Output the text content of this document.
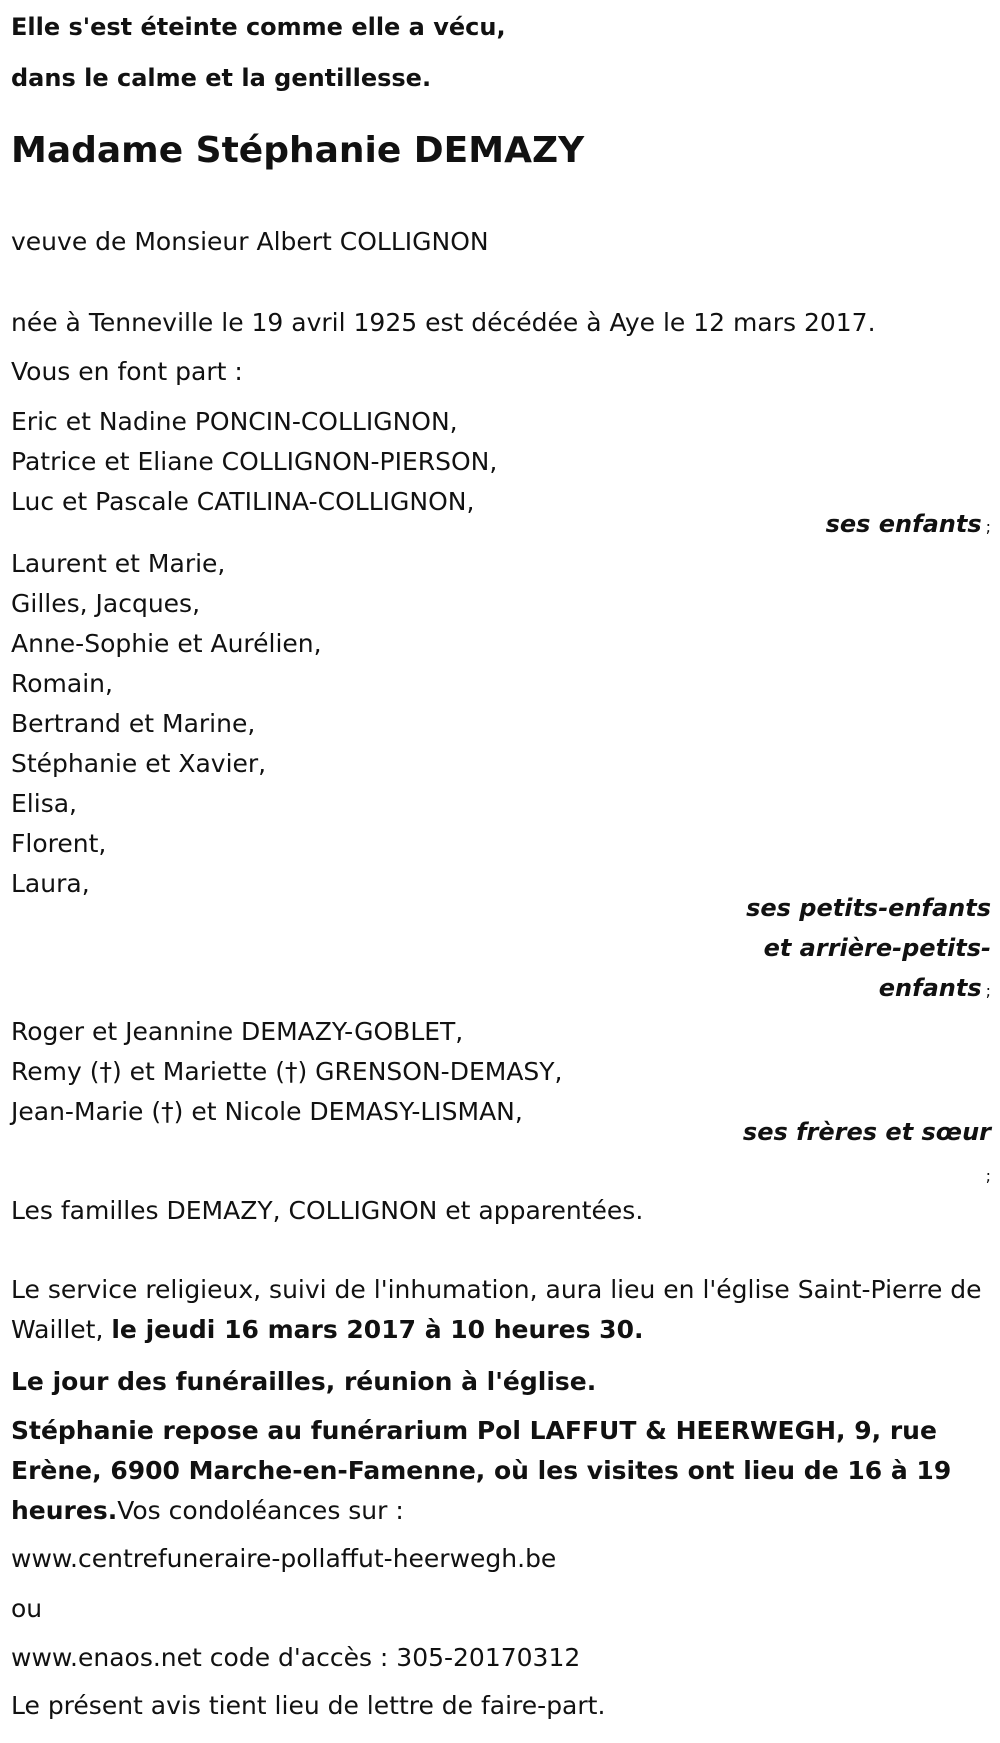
Elle s'est éteinte comme elle a vécu,
dans le calme et la gentillesse.
Madame Stéphanie DEMAZY
veuve de Monsieur Albert COLLIGNON
née à Tenneville le 19 avril 1925 est décédée à Aye le 12 mars 2017.
Vous en font part :
Eric et Nadine PONCIN-COLLIGNON,
Patrice et Eliane COLLIGNON-PIERSON,
Luc et Pascale CATILINA-COLLIGNON,
ses enfants ;
Laurent et Marie,
Gilles, Jacques,
Anne-Sophie et Aurélien,
Romain,
Bertrand et Marine,
Stéphanie et Xavier,
Elisa,
Florent,
Laura,
ses petits-enfants
et arrière-petits-
enfants ;
Roger et Jeannine DEMAZY-GOBLET,
Remy (†) et Mariette (†) GRENSON-DEMASY,
Jean-Marie (†) et Nicole DEMASY-LISMAN,
ses frères et sœur
;
Les familles DEMAZY, COLLIGNON et apparentées.
Le service religieux, suivi de l'inhumation, aura lieu en l'église Saint-Pierre de Waillet, le jeudi 16 mars 2017 à 10 heures 30.
Le jour des funérailles, réunion à l'église.
Stéphanie repose au funérarium Pol LAFFUT & HEERWEGH, 9, rue Erène, 6900 Marche-en-Famenne, où les visites ont lieu de 16 à 19 heures.Vos condoléances sur :
www.centrefuneraire-pollaffut-heerwegh.be
ou
www.enaos.net code d'accès : 305-20170312
Le présent avis tient lieu de lettre de faire-part.
